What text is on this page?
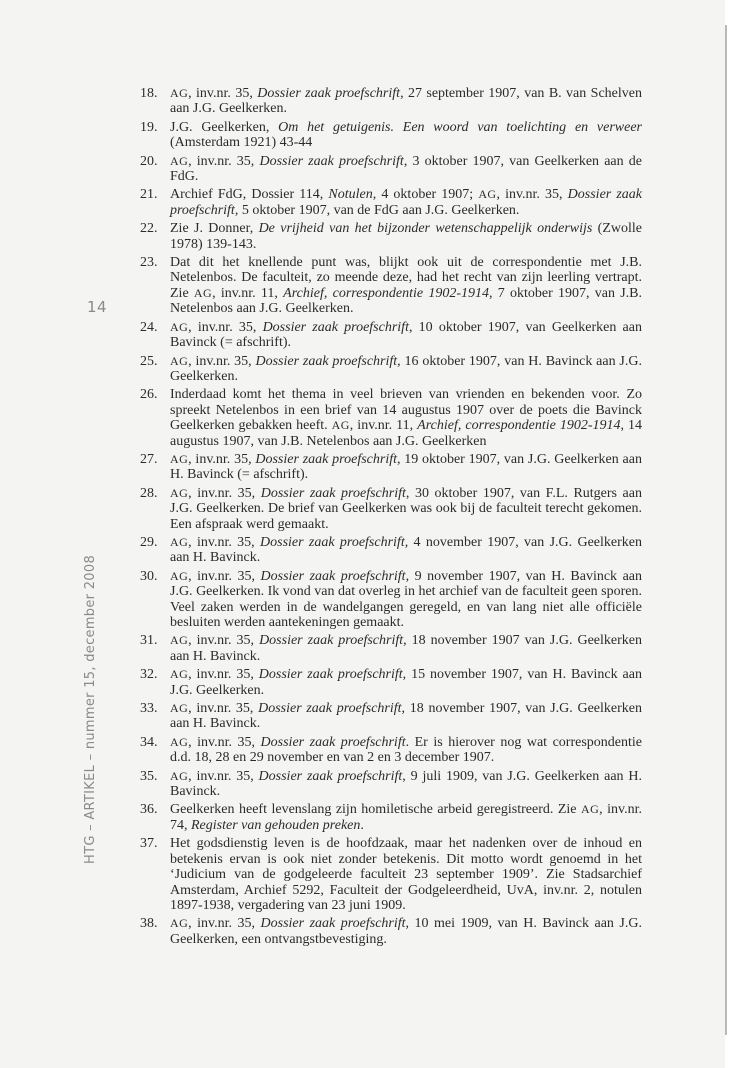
14
HTG – ARTIKEL – nummer 15, december 2008
18.	AG, inv.nr. 35, Dossier zaak proefschrift, 27 september 1907, van B. van Schelven aan J.G. Geelkerken.
19. J.G. Geelkerken, Om het getuigenis. Een woord van toelichting en verweer (Amsterdam 1921) 43-44
20.	AG, inv.nr. 35, Dossier zaak proefschrift, 3 oktober 1907, van Geelkerken aan de FdG.
21. Archief FdG, Dossier 114, Notulen, 4 oktober 1907; AG, inv.nr. 35, Dossier zaak proefschrift, 5 oktober 1907, van de FdG aan J.G. Geelkerken.
22. Zie J. Donner, De vrijheid van het bijzonder wetenschappelijk onderwijs (Zwolle 1978) 139-143.
23. Dat dit het knellende punt was, blijkt ook uit de correspondentie met J.B. Netelenbos. De faculteit, zo meende deze, had het recht van zijn leerling vertrapt. Zie AG, inv.nr. 11, Archief, correspondentie 1902-1914, 7 oktober 1907, van J.B. Netelenbos aan J.G. Geelkerken.
24.	AG, inv.nr. 35, Dossier zaak proefschrift, 10 oktober 1907, van Geelkerken aan Bavinck (= afschrift).
25.	AG, inv.nr. 35, Dossier zaak proefschrift, 16 oktober 1907, van H. Bavinck aan J.G. Geelkerken.
26. Inderdaad komt het thema in veel brieven van vrienden en bekenden voor. Zo spreekt Netelenbos in een brief van 14 augustus 1907 over de poets die Bavinck Geelkerken gebakken heeft. AG, inv.nr. 11, Archief, correspondentie 1902-1914, 14 augustus 1907, van J.B. Netelenbos aan J.G. Geelkerken
27.	AG, inv.nr. 35, Dossier zaak proefschrift, 19 oktober 1907, van J.G. Geelkerken aan H. Bavinck (= afschrift).
28.	AG, inv.nr. 35, Dossier zaak proefschrift, 30 oktober 1907, van F.L. Rutgers aan J.G. Geelkerken. De brief van Geelkerken was ook bij de faculteit terecht gekomen. Een afspraak werd gemaakt.
29.	AG, inv.nr. 35, Dossier zaak proefschrift, 4 november 1907, van J.G. Geelkerken aan H. Bavinck.
30.	AG, inv.nr. 35, Dossier zaak proefschrift, 9 november 1907, van H. Bavinck aan J.G. Geelkerken. Ik vond van dat overleg in het archief van de faculteit geen sporen. Veel zaken werden in de wandelgangen geregeld, en van lang niet alle officiële besluiten werden aantekeningen gemaakt.
31.	AG, inv.nr. 35, Dossier zaak proefschrift, 18 november 1907 van J.G. Geelkerken aan H. Bavinck.
32.	AG, inv.nr. 35, Dossier zaak proefschrift, 15 november 1907, van H. Bavinck aan J.G. Geelkerken.
33.	AG, inv.nr. 35, Dossier zaak proefschrift, 18 november 1907, van J.G. Geelkerken aan H. Bavinck.
34.	AG, inv.nr. 35, Dossier zaak proefschrift. Er is hierover nog wat correspondentie d.d. 18, 28 en 29 november en van 2 en 3 december 1907.
35.	AG, inv.nr. 35, Dossier zaak proefschrift, 9 juli 1909, van J.G. Geelkerken aan H. Bavinck.
36. Geelkerken heeft levenslang zijn homiletische arbeid geregistreerd. Zie AG, inv.nr. 74, Register van gehouden preken.
37. Het godsdienstig leven is de hoofdzaak, maar het nadenken over de inhoud en betekenis ervan is ook niet zonder betekenis. Dit motto wordt genoemd in het ‘Judicium van de godgeleerde faculteit 23 september 1909’. Zie Stadsarchief Amsterdam, Archief 5292, Faculteit der Godgeleerdheid, UvA, inv.nr. 2, notulen 1897-1938, vergadering van 23 juni 1909.
38.	AG, inv.nr. 35, Dossier zaak proefschrift, 10 mei 1909, van H. Bavinck aan J.G. Geelkerken, een ontvangstbevestiging.
